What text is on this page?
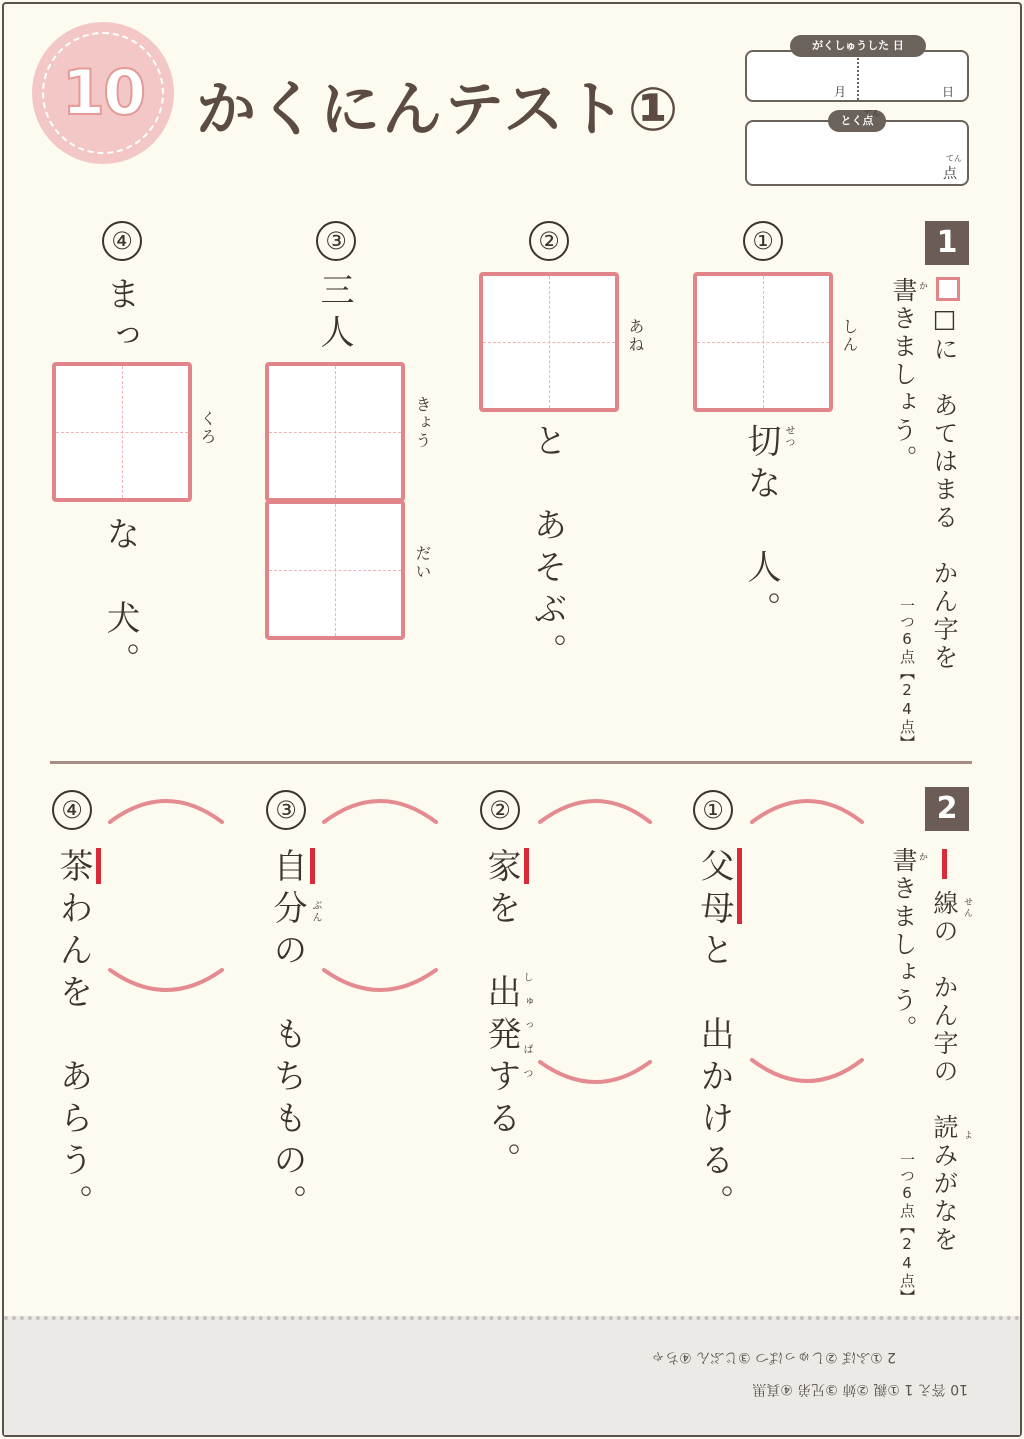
10 かくにんテスト①
がくしゅうした 日
月	日
とく点
てん
てん
点
1
□に　あてはまる　かん字を
か
書きましょう。
一つ6点【24点】
①
しん
せつ
切な　人。
②
あね
と　あそぶ。
③
三人
きょう
だい
④
まっ
くろ
な　犬。
2
線の　かん字の　読みがなを せん
よ
か
書きましょう。
一つ6点【24点】
①
父母と　出かける。
②
しゅっぱつ
家を　出発する。
③
ぶん
自分の　もちもの。
④
茶わんを　あらう。
10 答え 1 ①親 ②姉 ③兄弟 ④真黒
2 ①ふぼ ②しゅっぱつ ③じぶん ④ちゃ
